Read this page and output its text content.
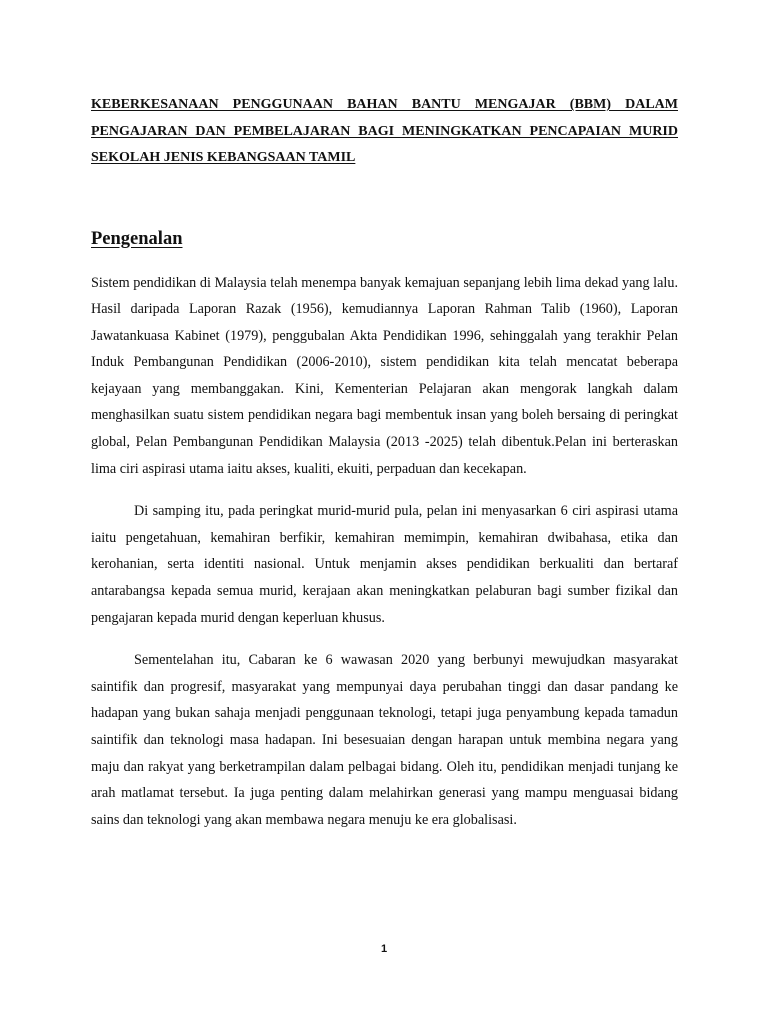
KEBERKESANAAN PENGGUNAAN BAHAN BANTU MENGAJAR (BBM) DALAM PENGAJARAN DAN PEMBELAJARAN BAGI MENINGKATKAN PENCAPAIAN MURID SEKOLAH JENIS KEBANGSAAN TAMIL

Pengenalan

Sistem pendidikan di Malaysia telah menempa banyak kemajuan sepanjang lebih lima dekad yang lalu. Hasil daripada Laporan Razak (1956), kemudiannya Laporan Rahman Talib (1960), Laporan Jawatankuasa Kabinet (1979), penggubalan Akta Pendidikan 1996, sehinggalah yang terakhir Pelan Induk Pembangunan Pendidikan (2006-2010), sistem pendidikan kita telah mencatat beberapa kejayaan yang membanggakan. Kini, Kementerian Pelajaran akan mengorak langkah dalam menghasilkan suatu sistem pendidikan negara bagi membentuk insan yang boleh bersaing di peringkat global, Pelan Pembangunan Pendidikan Malaysia (2013 -2025) telah dibentuk.Pelan ini berteraskan lima ciri aspirasi utama iaitu akses, kualiti, ekuiti, perpaduan dan kecekapan.

Di samping itu, pada peringkat murid-murid pula, pelan ini menyasarkan 6 ciri aspirasi utama iaitu pengetahuan, kemahiran berfikir, kemahiran memimpin, kemahiran dwibahasa, etika dan kerohanian, serta identiti nasional. Untuk menjamin akses pendidikan berkualiti dan bertaraf antarabangsa kepada semua murid, kerajaan akan meningkatkan pelaburan bagi sumber fizikal dan pengajaran kepada murid dengan keperluan khusus.

Sementelahan itu, Cabaran ke 6 wawasan 2020 yang berbunyi mewujudkan masyarakat saintifik dan progresif, masyarakat yang mempunyai daya perubahan tinggi dan dasar pandang ke hadapan yang bukan sahaja menjadi penggunaan teknologi, tetapi juga penyambung kepada tamadun saintifik dan teknologi masa hadapan. Ini besesuaian dengan harapan untuk membina negara yang maju dan rakyat yang berketrampilan dalam pelbagai bidang. Oleh itu, pendidikan menjadi tunjang ke arah matlamat tersebut. Ia juga penting dalam melahirkan generasi yang mampu menguasai bidang sains dan teknologi yang akan membawa negara menuju ke era globalisasi.

1
